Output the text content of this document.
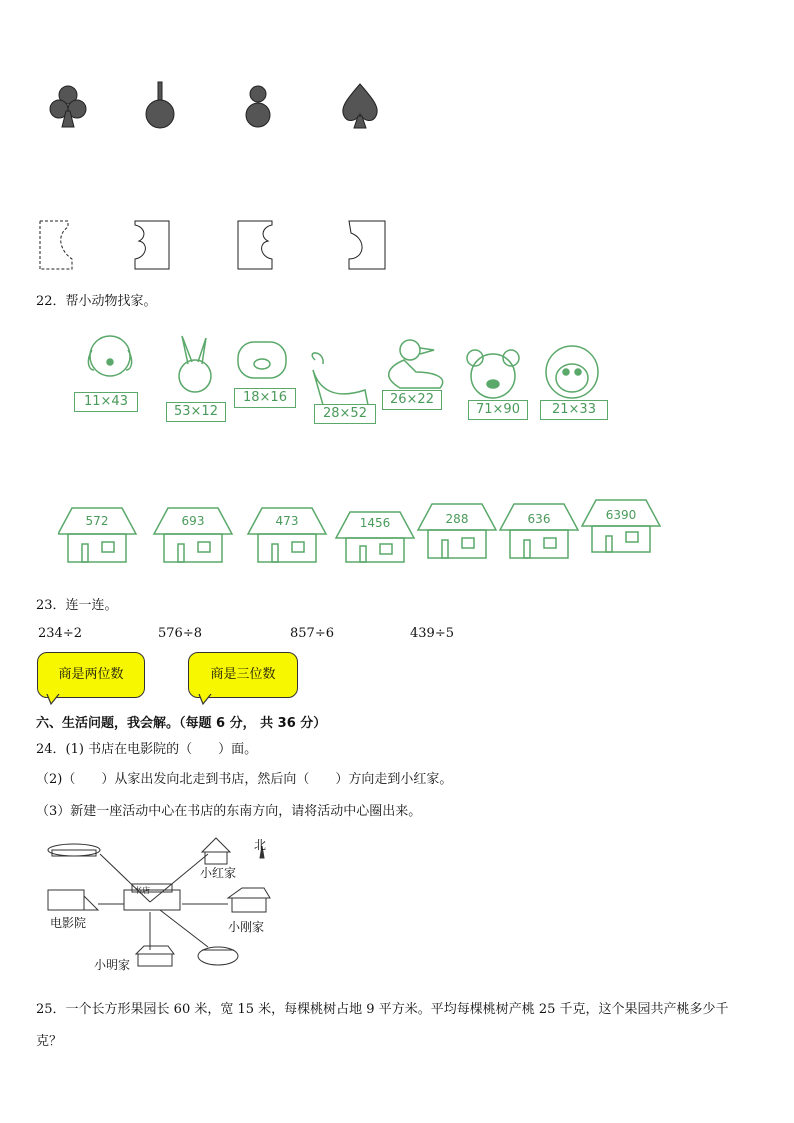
22．帮小动物找家。
11×43
53×12
18×16
28×52
26×22
71×90	21×33
572	693	473	1456	288	636	6390
23．连一连。
234÷2	576÷8	857÷6	439÷5
商是两位数	商是三位数
六、生活问题，我会解。（每题 6 分， 共 36 分）
24．(1) 书店在电影院的（　　）面。
（2)（　　）从家出发向北走到书店，然后向（　　）方向走到小红家。
（3）新建一座活动中心在书店的东南方向，请将活动中心圈出来。
北
书店
小红家
电影院	小刚家
小明家
25．一个长方形果园长 60 米，宽 15 米，每棵桃树占地 9 平方米。平均每棵桃树产桃 25 千克，这个果园共产桃多少千
克？
